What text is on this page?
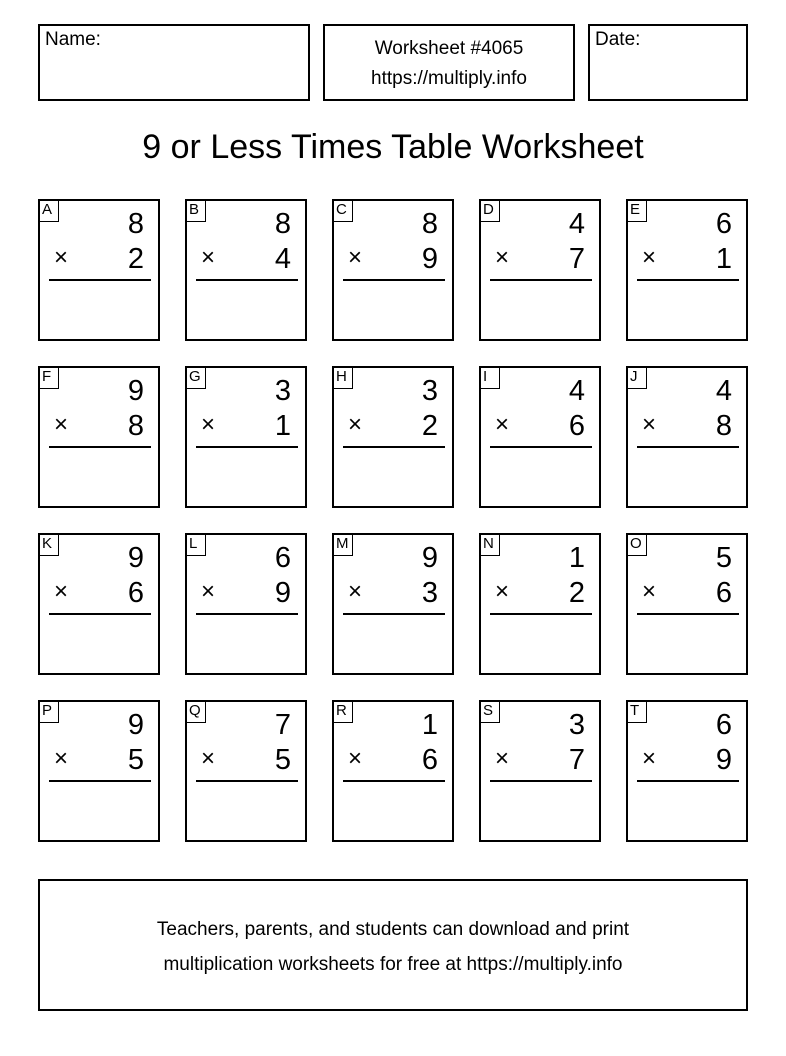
Name:	Worksheet #4065
https://multiply.info
Date:
9 or Less Times Table Worksheet
A	8
× 2
B	8
× 4
C	8
× 9
D	4
× 7
E	6
× 1
F	9
× 8
G	3
× 1
H	3
× 2
I	4
× 6
J	4
× 8
K	9
× 6
L	6
× 9
M	9
× 3
N	1
× 2
O	5
× 6
P	9
× 5
Q	7
× 5
R	1
× 6
S	3
× 7
T	6
× 9
Teachers, parents, and students can download and print
multiplication worksheets for free at https://multiply.info
